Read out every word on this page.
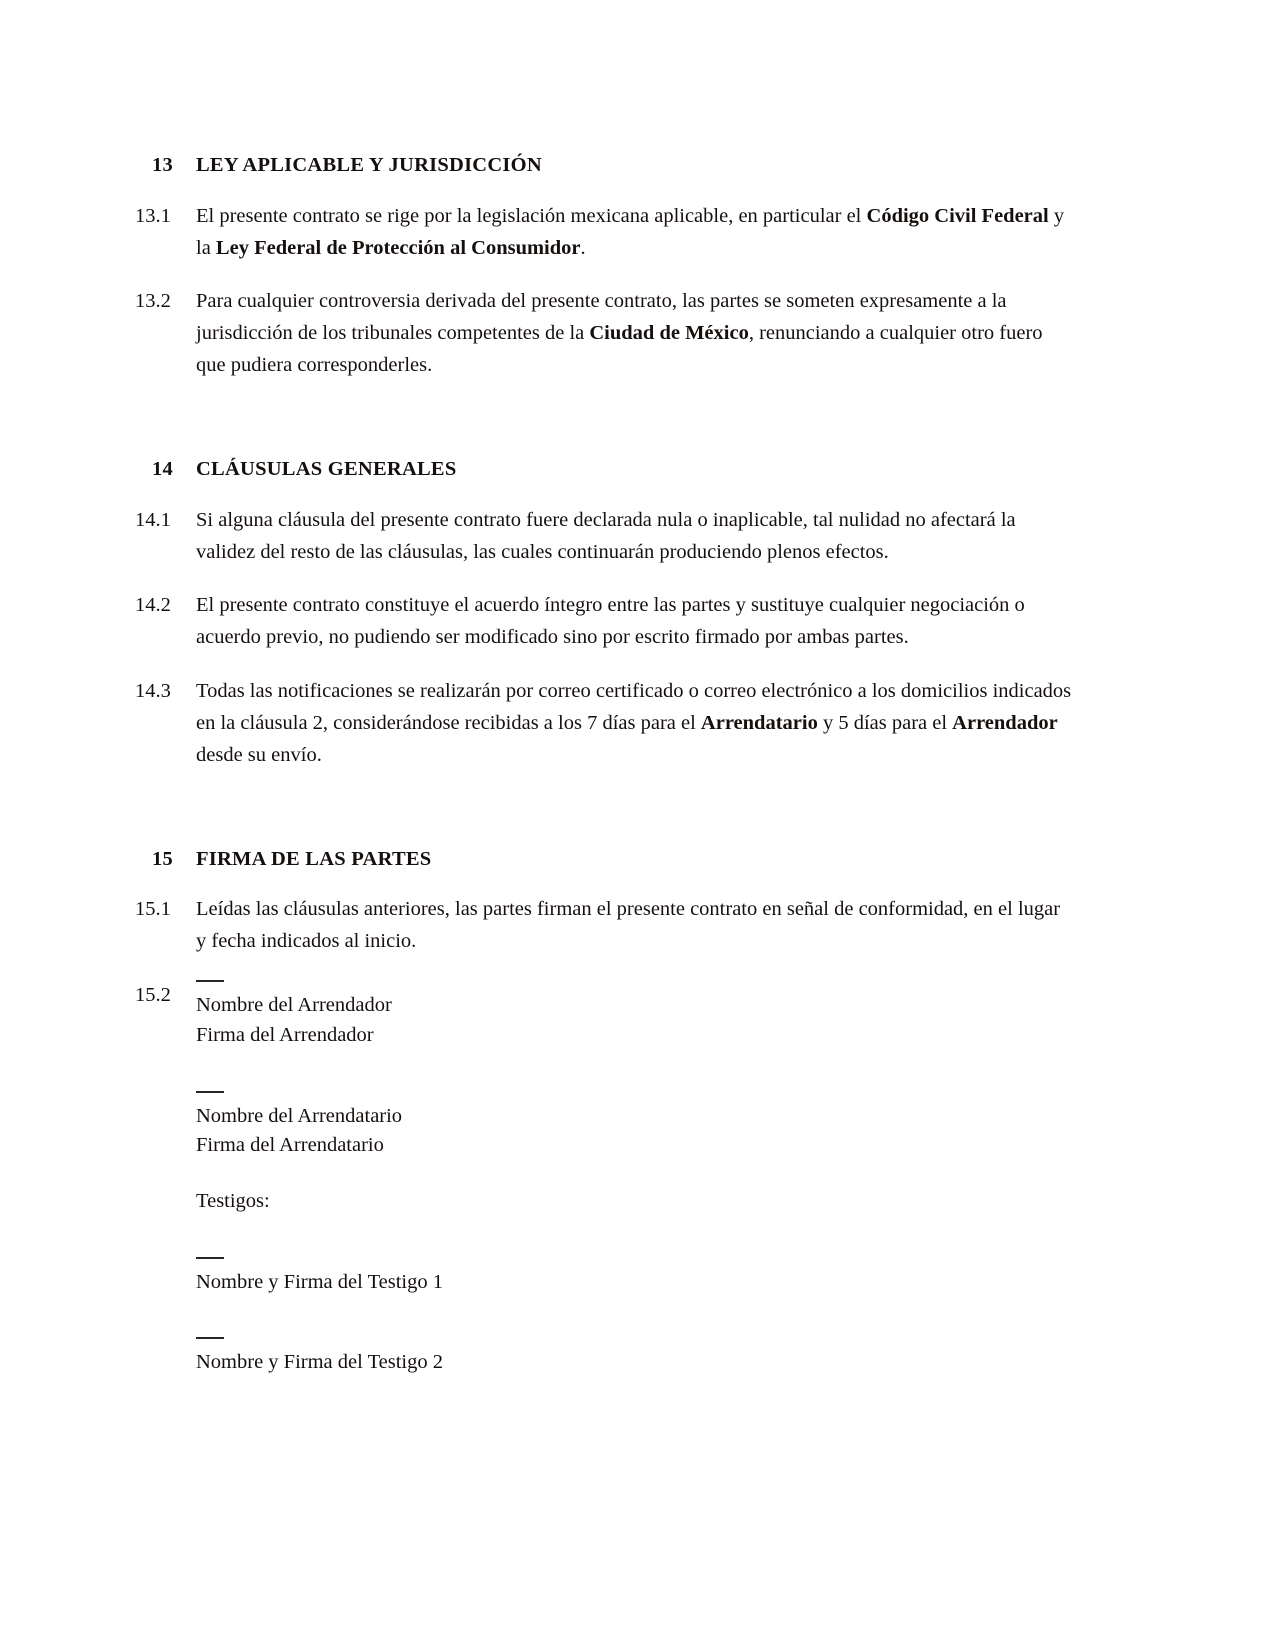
13	LEY APLICABLE Y JURISDICCIÓN
13.1	El presente contrato se rige por la legislación mexicana aplicable, en particular el Código Civil Federal y la Ley Federal de Protección al Consumidor.
13.2	Para cualquier controversia derivada del presente contrato, las partes se someten expresamente a la jurisdicción de los tribunales competentes de la Ciudad de México, renunciando a cualquier otro fuero que pudiera corresponderles.
14	CLÁUSULAS GENERALES
14.1	Si alguna cláusula del presente contrato fuere declarada nula o inaplicable, tal nulidad no afectará la validez del resto de las cláusulas, las cuales continuarán produciendo plenos efectos.
14.2	El presente contrato constituye el acuerdo íntegro entre las partes y sustituye cualquier negociación o acuerdo previo, no pudiendo ser modificado sino por escrito firmado por ambas partes.
14.3	Todas las notificaciones se realizarán por correo certificado o correo electrónico a los domicilios indicados en la cláusula 2, considerándose recibidas a los 7 días para el Arrendatario y 5 días para el Arrendador desde su envío.
15	FIRMA DE LAS PARTES
15.1	Leídas las cláusulas anteriores, las partes firman el presente contrato en señal de conformidad, en el lugar y fecha indicados al inicio.
15.2	Nombre del Arrendador
Firma del Arrendador
Nombre del Arrendatario
Firma del Arrendatario
Testigos:
Nombre y Firma del Testigo 1
Nombre y Firma del Testigo 2
